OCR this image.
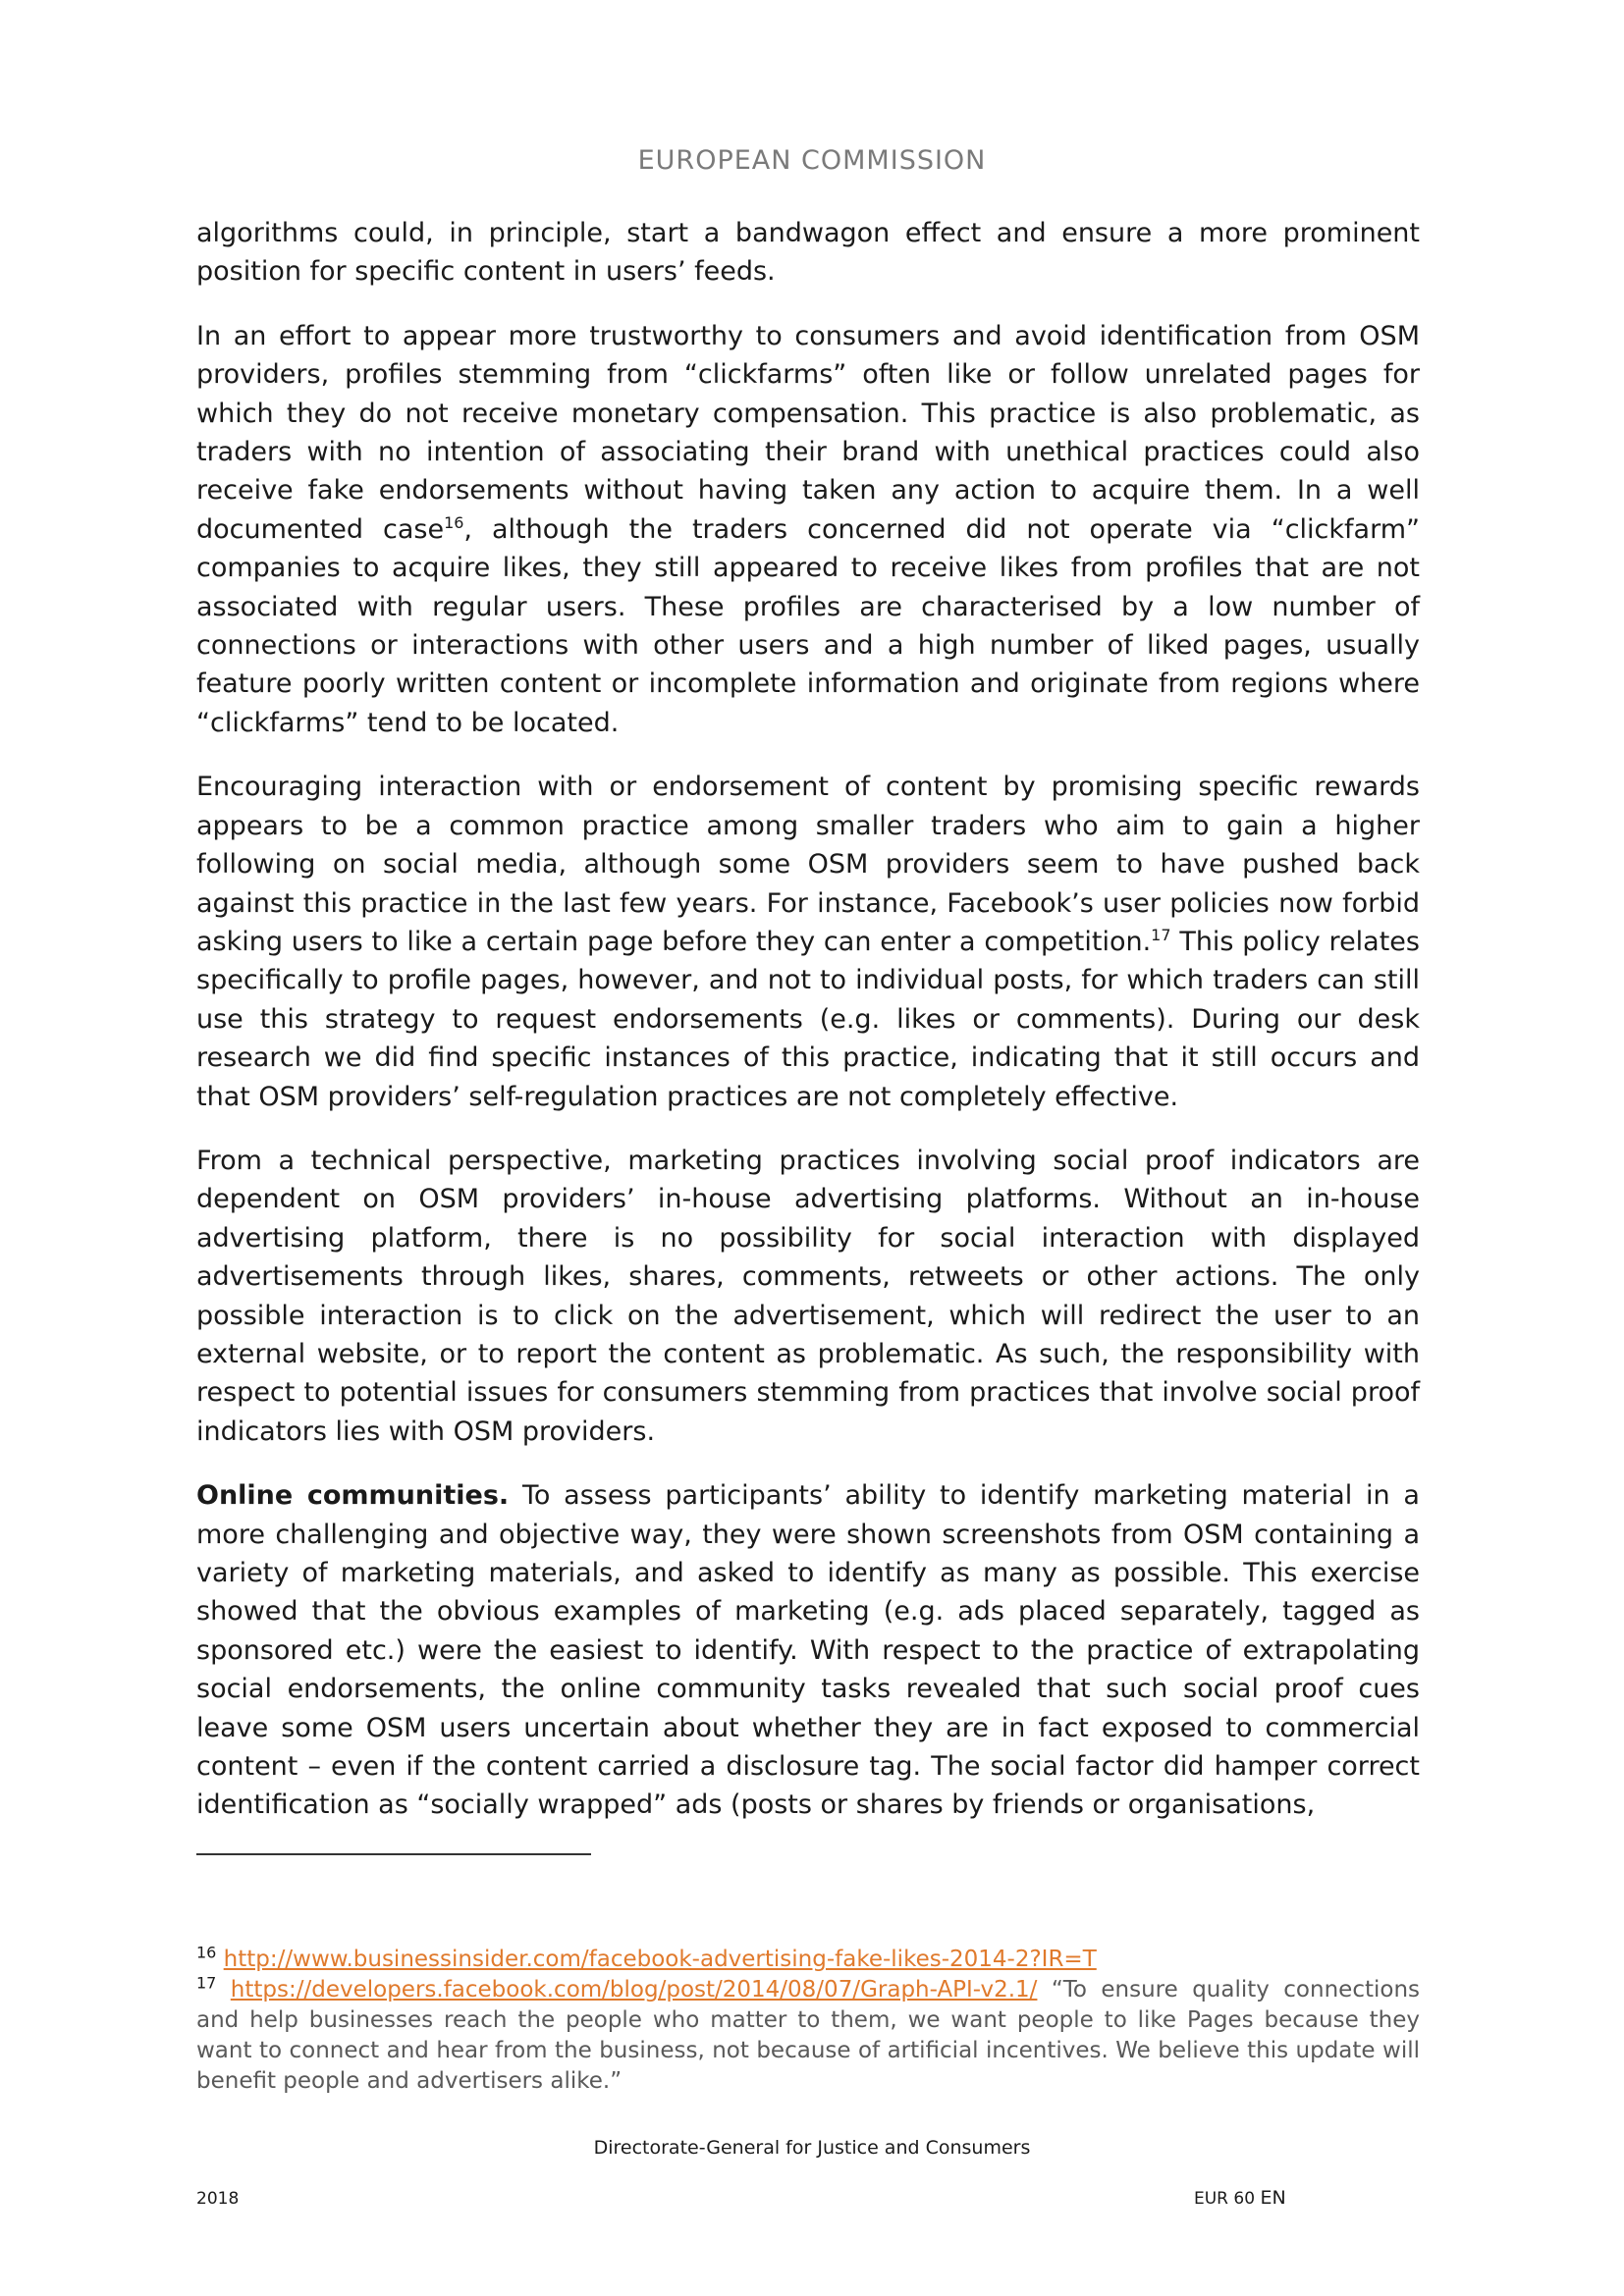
EUROPEAN COMMISSION

algorithms could, in principle, start a bandwagon effect and ensure a more prominent position for specific content in users’ feeds.

In an effort to appear more trustworthy to consumers and avoid identification from OSM providers, profiles stemming from “clickfarms” often like or follow unrelated pages for which they do not receive monetary compensation. This practice is also problematic, as traders with no intention of associating their brand with unethical practices could also receive fake endorsements without having taken any action to acquire them. In a well documented case$^{16}$, although the traders concerned did not operate via “clickfarm” companies to acquire likes, they still appeared to receive likes from profiles that are not associated with regular users. These profiles are characterised by a low number of connections or interactions with other users and a high number of liked pages, usually feature poorly written content or incomplete information and originate from regions where “clickfarms” tend to be located.

Encouraging interaction with or endorsement of content by promising specific rewards appears to be a common practice among smaller traders who aim to gain a higher following on social media, although some OSM providers seem to have pushed back against this practice in the last few years. For instance, Facebook’s user policies now forbid asking users to like a certain page before they can enter a competition.$^{17}$ This policy relates specifically to profile pages, however, and not to individual posts, for which traders can still use this strategy to request endorsements (e.g. likes or comments). During our desk research we did find specific instances of this practice, indicating that it still occurs and that OSM providers’ self-regulation practices are not completely effective.

From a technical perspective, marketing practices involving social proof indicators are dependent on OSM providers’ in-house advertising platforms. Without an in-house advertising platform, there is no possibility for social interaction with displayed advertisements through likes, shares, comments, retweets or other actions. The only possible interaction is to click on the advertisement, which will redirect the user to an external website, or to report the content as problematic. As such, the responsibility with respect to potential issues for consumers stemming from practices that involve social proof indicators lies with OSM providers.

Online communities. To assess participants’ ability to identify marketing material in a more challenging and objective way, they were shown screenshots from OSM containing a variety of marketing materials, and asked to identify as many as possible. This exercise showed that the obvious examples of marketing (e.g. ads placed separately, tagged as sponsored etc.) were the easiest to identify. With respect to the practice of extrapolating social endorsements, the online community tasks revealed that such social proof cues leave some OSM users uncertain about whether they are in fact exposed to commercial content – even if the content carried a disclosure tag. The social factor did hamper correct identification as “socially wrapped” ads (posts or shares by friends or organisations,

$^{16}$ http://www.businessinsider.com/facebook-advertising-fake-likes-2014-2?IR=T

$^{17}$ https://developers.facebook.com/blog/post/2014/08/07/Graph-API-v2.1/ “To ensure quality connections and help businesses reach the people who matter to them, we want people to like Pages because they want to connect and hear from the business, not because of artificial incentives. We believe this update will benefit people and advertisers alike.”

Directorate-General for Justice and Consumers
2018	EUR 60 EN
